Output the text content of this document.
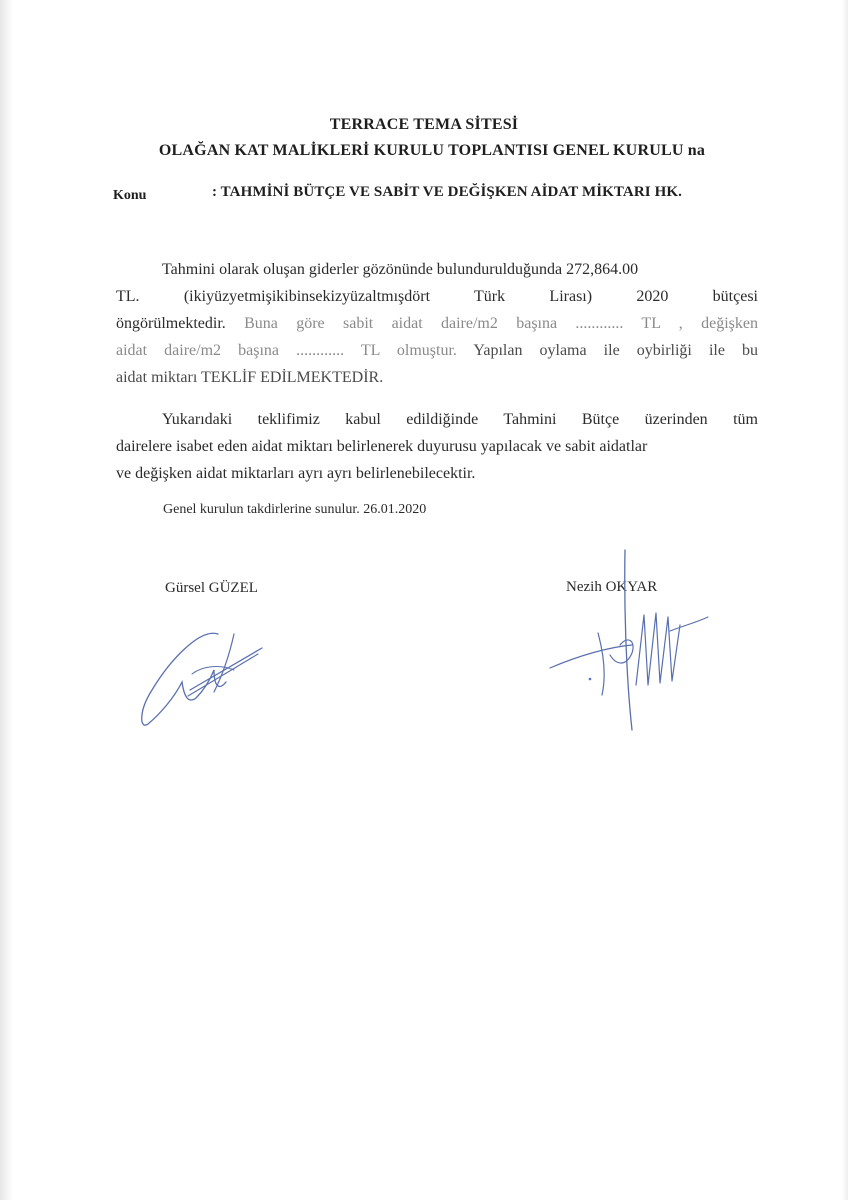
TERRACE TEMA SİTESİ
OLAĞAN KAT MALİKLERİ KURULU TOPLANTISI GENEL KURULU na
Konu	: TAHMİNİ BÜTÇE VE SABİT VE DEĞİŞKEN AİDAT MİKTARI HK.
Tahmini olarak oluşan giderler gözönünde bulundurulduğunda 272,864.00
TL. (ikiyüzyetmişikibinsekizyüzaltmışdört Türk Lirası) 2020 bütçesi
öngörülmektedir. Buna göre sabit aidat daire/m2 başına ............ TL , değişken
aidat daire/m2 başına ............ TL olmuştur. Yapılan oylama ile oybirliği ile bu
aidat miktarı TEKLİF EDİLMEKTEDİR.
Yukarıdaki teklifimiz kabul edildiğinde Tahmini Bütçe üzerinden tüm
dairelere isabet eden aidat miktarı belirlenerek duyurusu yapılacak ve sabit aidatlar
ve değişken aidat miktarları ayrı ayrı belirlenebilecektir.
Genel kurulun takdirlerine sunulur. 26.01.2020
Gürsel GÜZEL	Nezih OKYAR
